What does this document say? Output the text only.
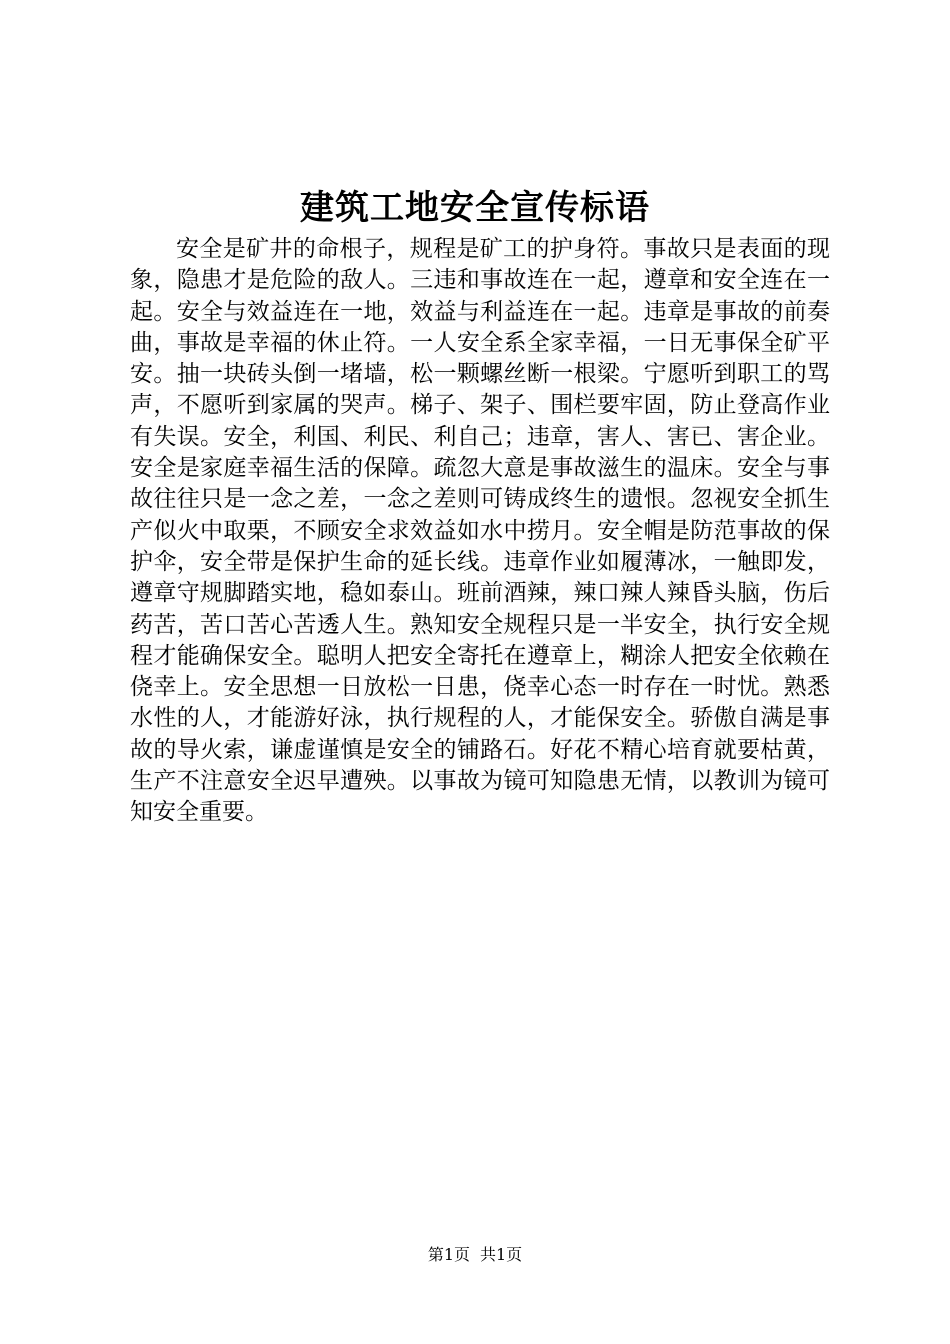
建筑工地安全宣传标语

安全是矿井的命根子，规程是矿工的护身符。事故只是表面的现象，隐患才是危险的敌人。三违和事故连在一起，遵章和安全连在一起。安全与效益连在一地，效益与利益连在一起。违章是事故的前奏曲，事故是幸福的休止符。一人安全系全家幸福，一日无事保全矿平安。抽一块砖头倒一堵墙，松一颗螺丝断一根梁。宁愿听到职工的骂声，不愿听到家属的哭声。梯子、架子、围栏要牢固，防止登高作业有失误。安全，利国、利民、利自己；违章，害人、害已、害企业。安全是家庭幸福生活的保障。疏忽大意是事故滋生的温床。安全与事故往往只是一念之差，一念之差则可铸成终生的遗恨。忽视安全抓生产似火中取栗，不顾安全求效益如水中捞月。安全帽是防范事故的保护伞，安全带是保护生命的延长线。违章作业如履薄冰，一触即发，遵章守规脚踏实地，稳如泰山。班前酒辣，辣口辣人辣昏头脑，伤后药苦，苦口苦心苦透人生。熟知安全规程只是一半安全，执行安全规程才能确保安全。聪明人把安全寄托在遵章上，糊涂人把安全依赖在侥幸上。安全思想一日放松一日患，侥幸心态一时存在一时忧。熟悉水性的人，才能游好泳，执行规程的人，才能保安全。骄傲自满是事故的导火索，谦虚谨慎是安全的铺路石。好花不精心培育就要枯黄，生产不注意安全迟早遭殃。以事故为镜可知隐患无情，以教训为镜可知安全重要。

第1页 共1页
